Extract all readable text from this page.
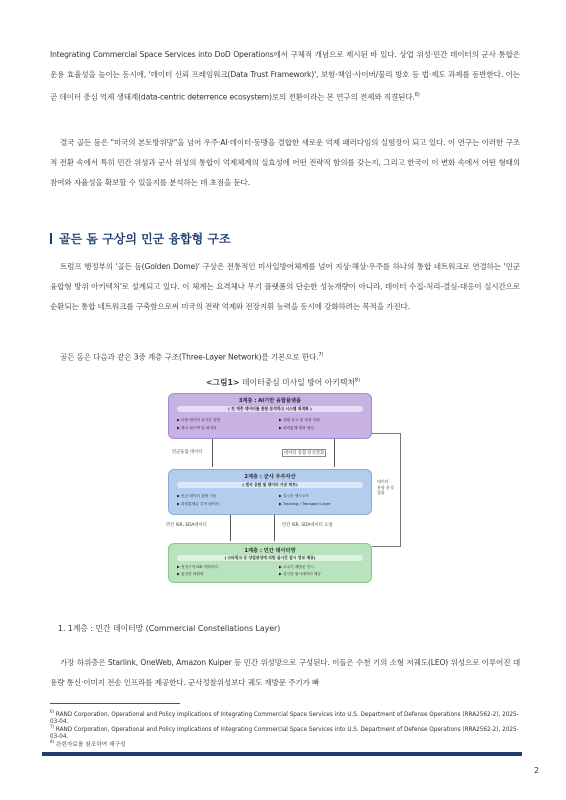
Integrating Commercial Space Services into DoD Operations에서 구체적 개념으로 제시된 바 있다. 상업 위성·민간 데이터의 군사 통합은 운용 효율성을 높이는 동시에, '데이터 신뢰 프레임워크(Data Trust Framework)', 보험·책임·사이버/물리 방호 등 법·제도 과제를 동반한다. 이는 곧 데이터 중심 억제 생태계(data-centric deterrence ecosystem)로의 전환이라는 본 연구의 전제와 직결된다.$^{6)}$
결국 골든 돔은 "미국의 본토방위망"을 넘어 우주·AI·데이터·동맹을 결합한 새로운 억제 패러다임의 실험장이 되고 있다. 이 연구는 이러한 구조적 전환 속에서 특히 민간 위성과 군사 위성의 통합이 억제체계의 실효성에 어떤 전략적 함의를 갖는지, 그리고 한국이 이 변화 속에서 어떤 형태의 참여와 자율성을 확보할 수 있을지를 분석하는 데 초점을 둔다.
골든 돔 구상의 민군 융합형 구조
트럼프 행정부의 '골든 돔(Golden Dome)' 구상은 전통적인 미사일방어체계를 넘어 지상·해상·우주를 하나의 통합 네트워크로 연결하는 '민군 융합형 방위 아키텍처'로 설계되고 있다. 이 체계는 요격체나 무기 플랫폼의 단순한 성능개량이 아니라, 데이터 수집-처리-결심-대응이 실시간으로 순환되는 통합 네트워크를 구축함으로써 미국의 전략 억제와 전장지휘 능력을 동시에 강화하려는 목적을 가진다.
골든 돔은 다음과 같은 3중 계층 구조(Three-Layer Network)를 기본으로 한다.$^{7)}$
<그림1> 데이터중심 미사일 방어 아키텍처$^{8)}$
3계층 : AI기반 융합플랫폼
( 전 계층 데이터를 통합 분석하고 시스템 최적화 )
▶ 다중 데이터 실시간 융합	▶ 상황 보고 및 결정 지원
▶ 센서 피드백 및 최적화	▶ 화력통제 명령 생성
민군융합 데이터	데이터 통합 분석결과
2계층 : 군사 우주자산
( 센서 융합 및 데이터 가공 허브)
▶ 민군 데이터 융합 가공	▶ 실시간 핸드오프
▶ 화력통제급 추적 데이터	▶ Tracking / Transport Layer
민간 ISR, SDA데이터	민간 ISR, SDA데이터 요청
1계층 : 민간 데이터망
( 스타링크 등 상업위성에 의한 실시간 감시 정보 제공)
▶ 전지구적 ISR 커버리지	▶ 고주기 재방문 감시
▶ 통신망 복원력	▶ 실시간 원시데이터 제공
데이터
통합 분석
결과
1. 1계층 : 민간 데이터망 (Commercial Constellations Layer)
가장 하위층은 Starlink, OneWeb, Amazon Kuiper 등 민간 위성망으로 구성된다. 이들은 수천 기의 소형 저궤도(LEO) 위성으로 이루어진 대용량 통신·이미지 전송 인프라를 제공한다. 군사정찰위성보다 궤도 재방문 주기가 빠
$^{6)}$ RAND Corporation, Operational and Policy Implications of Integrating Commercial Space Services into U.S. Department of Defense Operations (RRA2562-2), 2025-03-04.
$^{7)}$ RAND Corporation, Operational and Policy Implications of Integrating Commercial Space Services into U.S. Department of Defense Operations (RRA2562-2), 2025-03-04.
$^{8)}$ 관련자료를 참조하여 재구성
2
